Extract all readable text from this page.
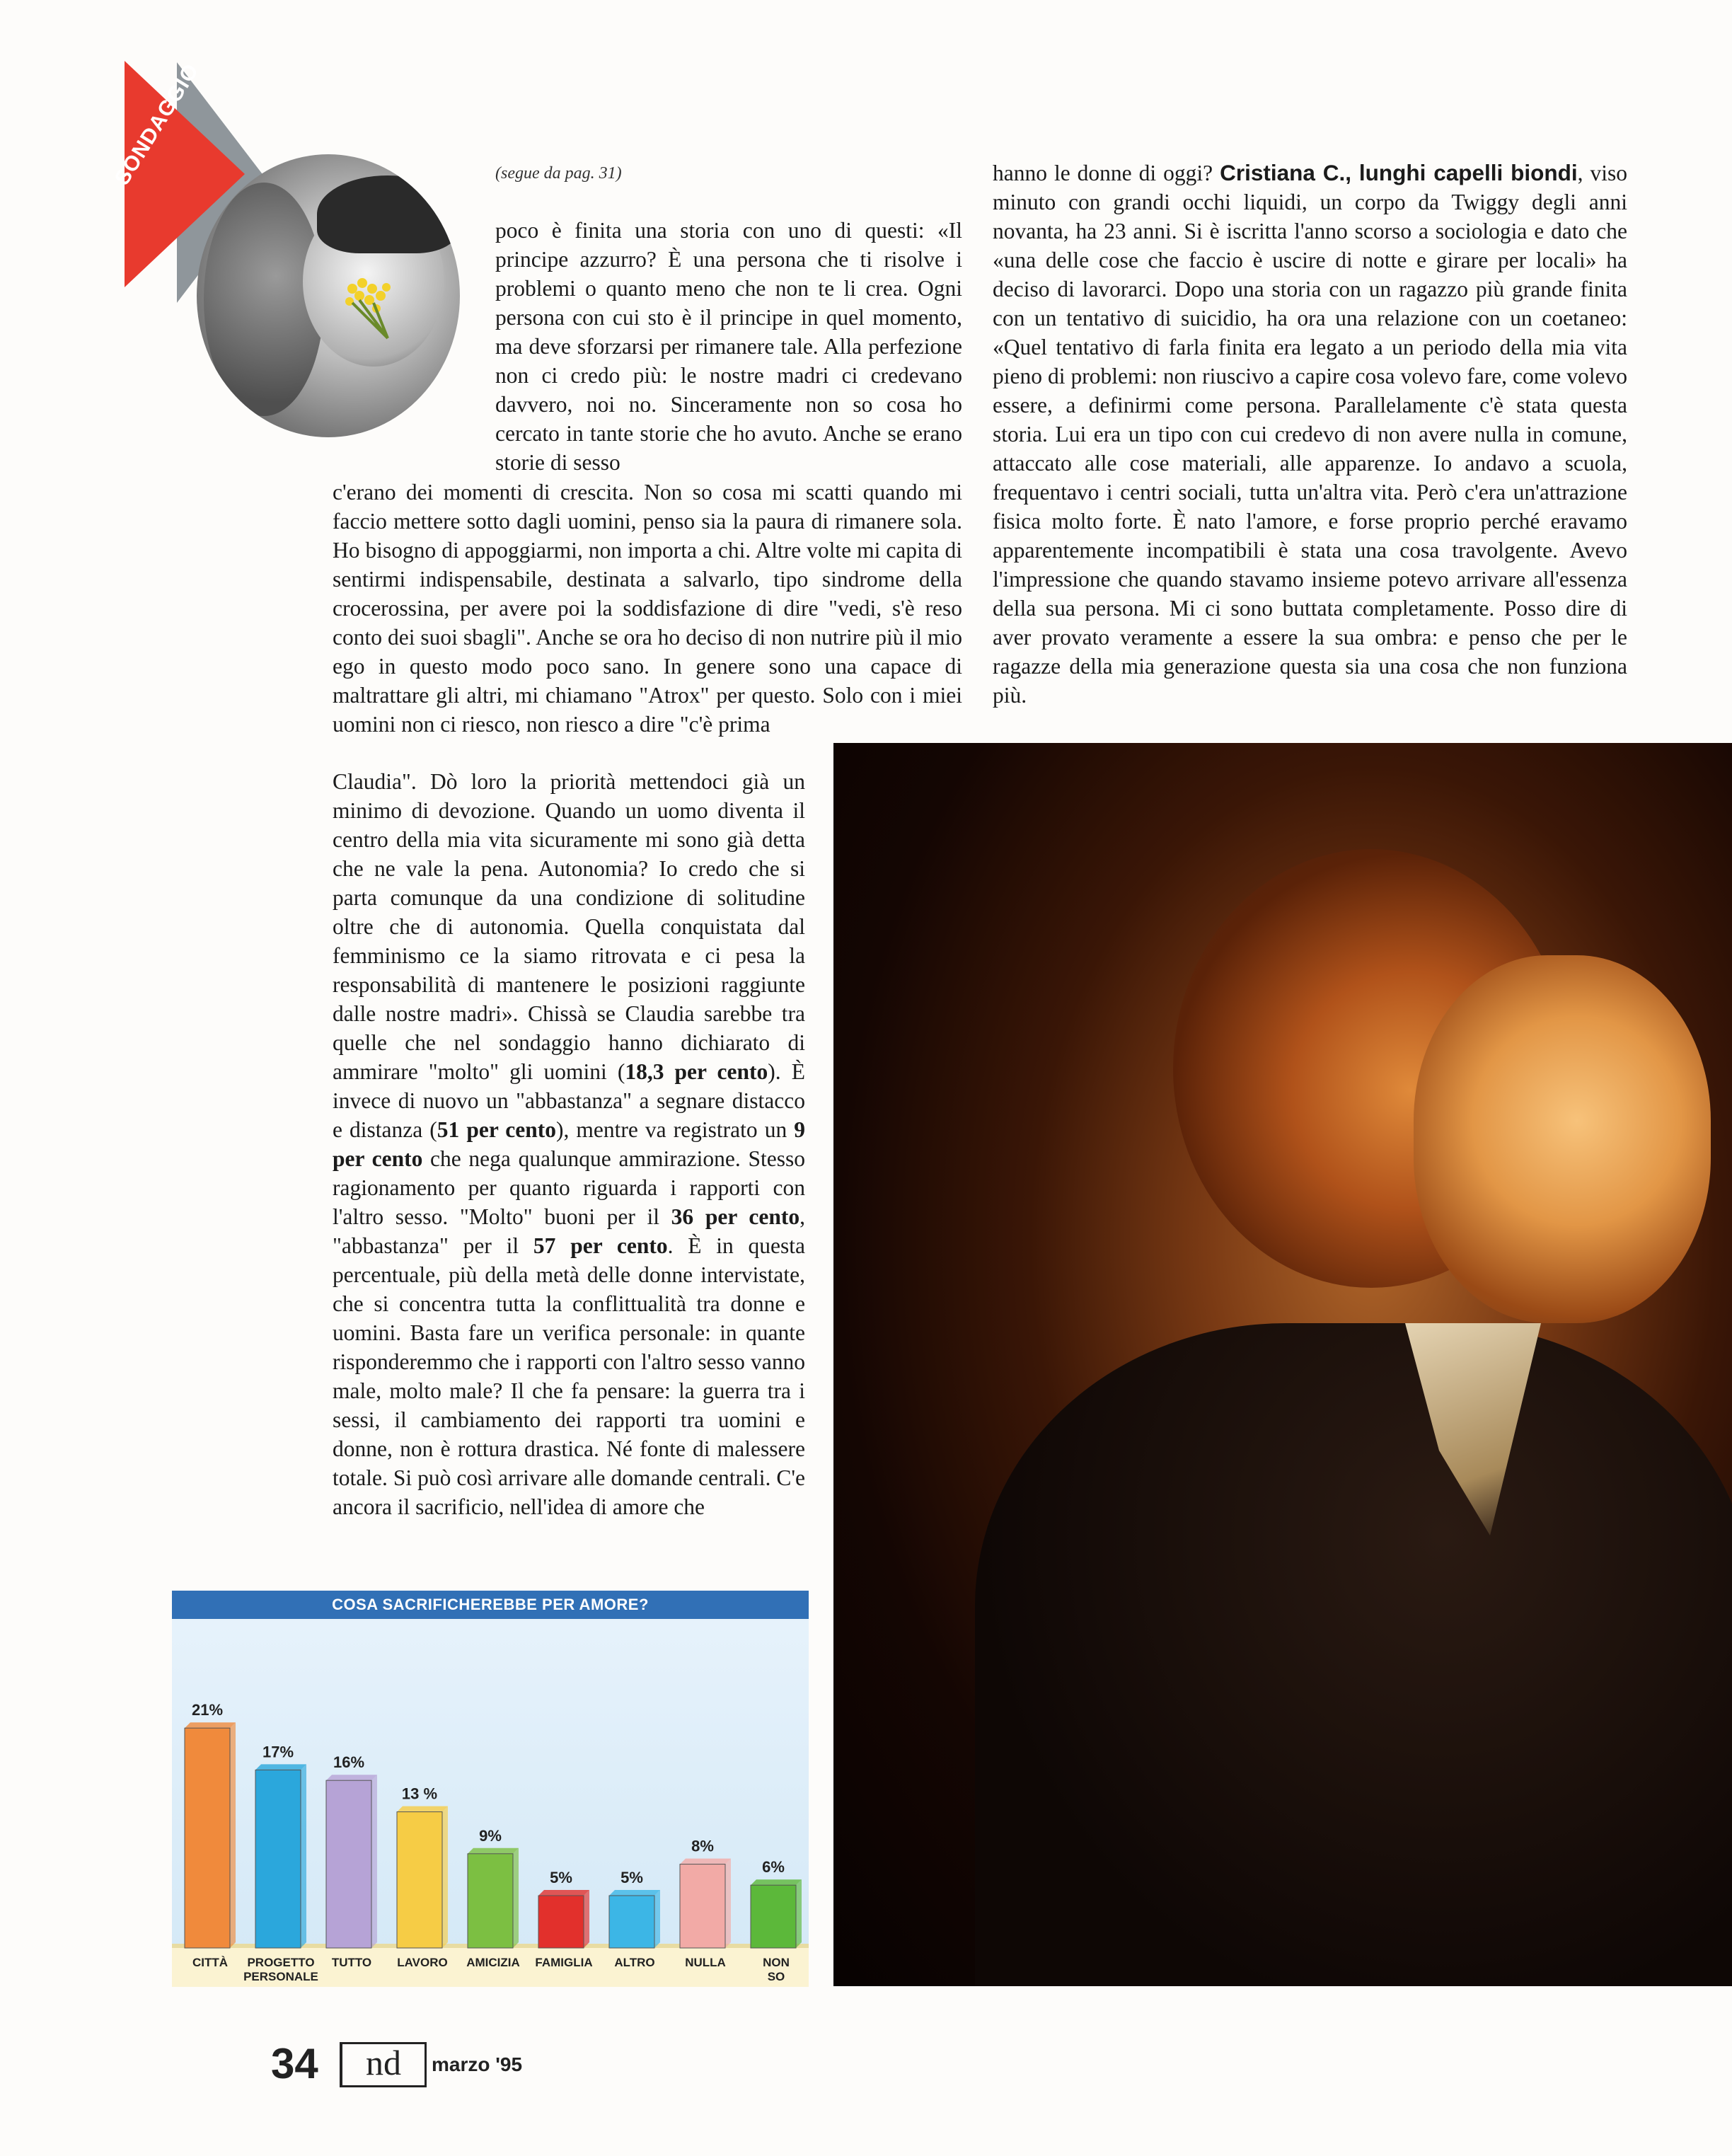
SONDAGGIO	(segue da pag. 31)

poco è finita una storia con uno di questi: «Il principe azzurro? È una persona che ti risolve i problemi o quanto meno che non te li crea. Ogni persona con cui sto è il principe in quel momento, ma deve sforzarsi per rimanere tale. Alla perfezione non ci credo più: le nostre madri ci credevano davvero, noi no. Sinceramente non so cosa ho cercato in tante storie che ho avuto. Anche se erano storie di sesso

c'erano dei momenti di crescita. Non so cosa mi scatti quando mi faccio mettere sotto dagli uomini, penso sia la paura di rimanere sola. Ho bisogno di appoggiarmi, non importa a chi. Altre volte mi capita di sentirmi indispensabile, destinata a salvarlo, tipo sindrome della crocerossina, per avere poi la soddisfazione di dire "vedi, s'è reso conto dei suoi sbagli". Anche se ora ho deciso di non nutrire più il mio ego in questo modo poco sano. In genere sono una capace di maltrattare gli altri, mi chiamano "Atrox" per questo. Solo con i miei uomini non ci riesco, non riesco a dire "c'è prima

Claudia". Dò loro la priorità mettendoci già un minimo di devozione. Quando un uomo diventa il centro della mia vita sicuramente mi sono già detta che ne vale la pena. Autonomia? Io credo che si parta comunque da una condizione di solitudine oltre che di autonomia. Quella conquistata dal femminismo ce la siamo ritrovata e ci pesa la responsabilità di mantenere le posizioni raggiunte dalle nostre madri». Chissà se Claudia sarebbe tra quelle che nel sondaggio hanno dichiarato di ammirare "molto" gli uomini (18,3 per cento). È invece di nuovo un "abbastanza" a segnare distacco e distanza (51 per cento), mentre va registrato un 9 per cento che nega qualunque ammirazione. Stesso ragionamento per quanto riguarda i rapporti con l'altro sesso. "Molto" buoni per il 36 per cento, "abbastanza" per il 57 per cento. È in questa percentuale, più della metà delle donne intervistate, che si concentra tutta la conflittualità tra donne e uomini. Basta fare un verifica personale: in quante risponderemmo che i rapporti con l'altro sesso vanno male, molto male? Il che fa pensare: la guerra tra i sessi, il cambiamento dei rapporti tra uomini e donne, non è rottura drastica. Né fonte di malessere totale. Si può così arrivare alle domande centrali. C'e ancora il sacrificio, nell'idea di amore che

hanno le donne di oggi? Cristiana C., lunghi capelli biondi, viso minuto con grandi occhi liquidi, un corpo da Twiggy degli anni novanta, ha 23 anni. Si è iscritta l'anno scorso a sociologia e dato che «una delle cose che faccio è uscire di notte e girare per locali» ha deciso di lavorarci. Dopo una storia con un ragazzo più grande finita con un tentativo di suicidio, ha ora una relazione con un coetaneo: «Quel tentativo di farla finita era legato a un periodo della mia vita pieno di problemi: non riuscivo a capire cosa volevo fare, come volevo essere, a definirmi come persona. Parallelamente c'è stata questa storia. Lui era un tipo con cui credevo di non avere nulla in comune, attaccato alle cose materiali, alle apparenze. Io andavo a scuola, frequentavo i centri sociali, tutta un'altra vita. Però c'era un'attrazione fisica molto forte. È nato l'amore, e forse proprio perché eravamo apparentemente incompatibili è stata una cosa travolgente. Avevo l'impressione che quando stavamo insieme potevo arrivare all'essenza della sua persona. Mi ci sono buttata completamente. Posso dire di aver provato veramente a essere la sua ombra: e penso che per le ragazze della mia generazione questa sia una cosa che non funziona più.

COSA SACRIFICHEREBBE PER AMORE?
21%
CITTÀ
17%
PROGETTO
PERSONALE
16%
TUTTO
13 %
LAVORO
9%
AMICIZIA
5%
FAMIGLIA
5%
ALTRO
8%
NULLA
6%
NON
SO
34	nd	marzo '95
